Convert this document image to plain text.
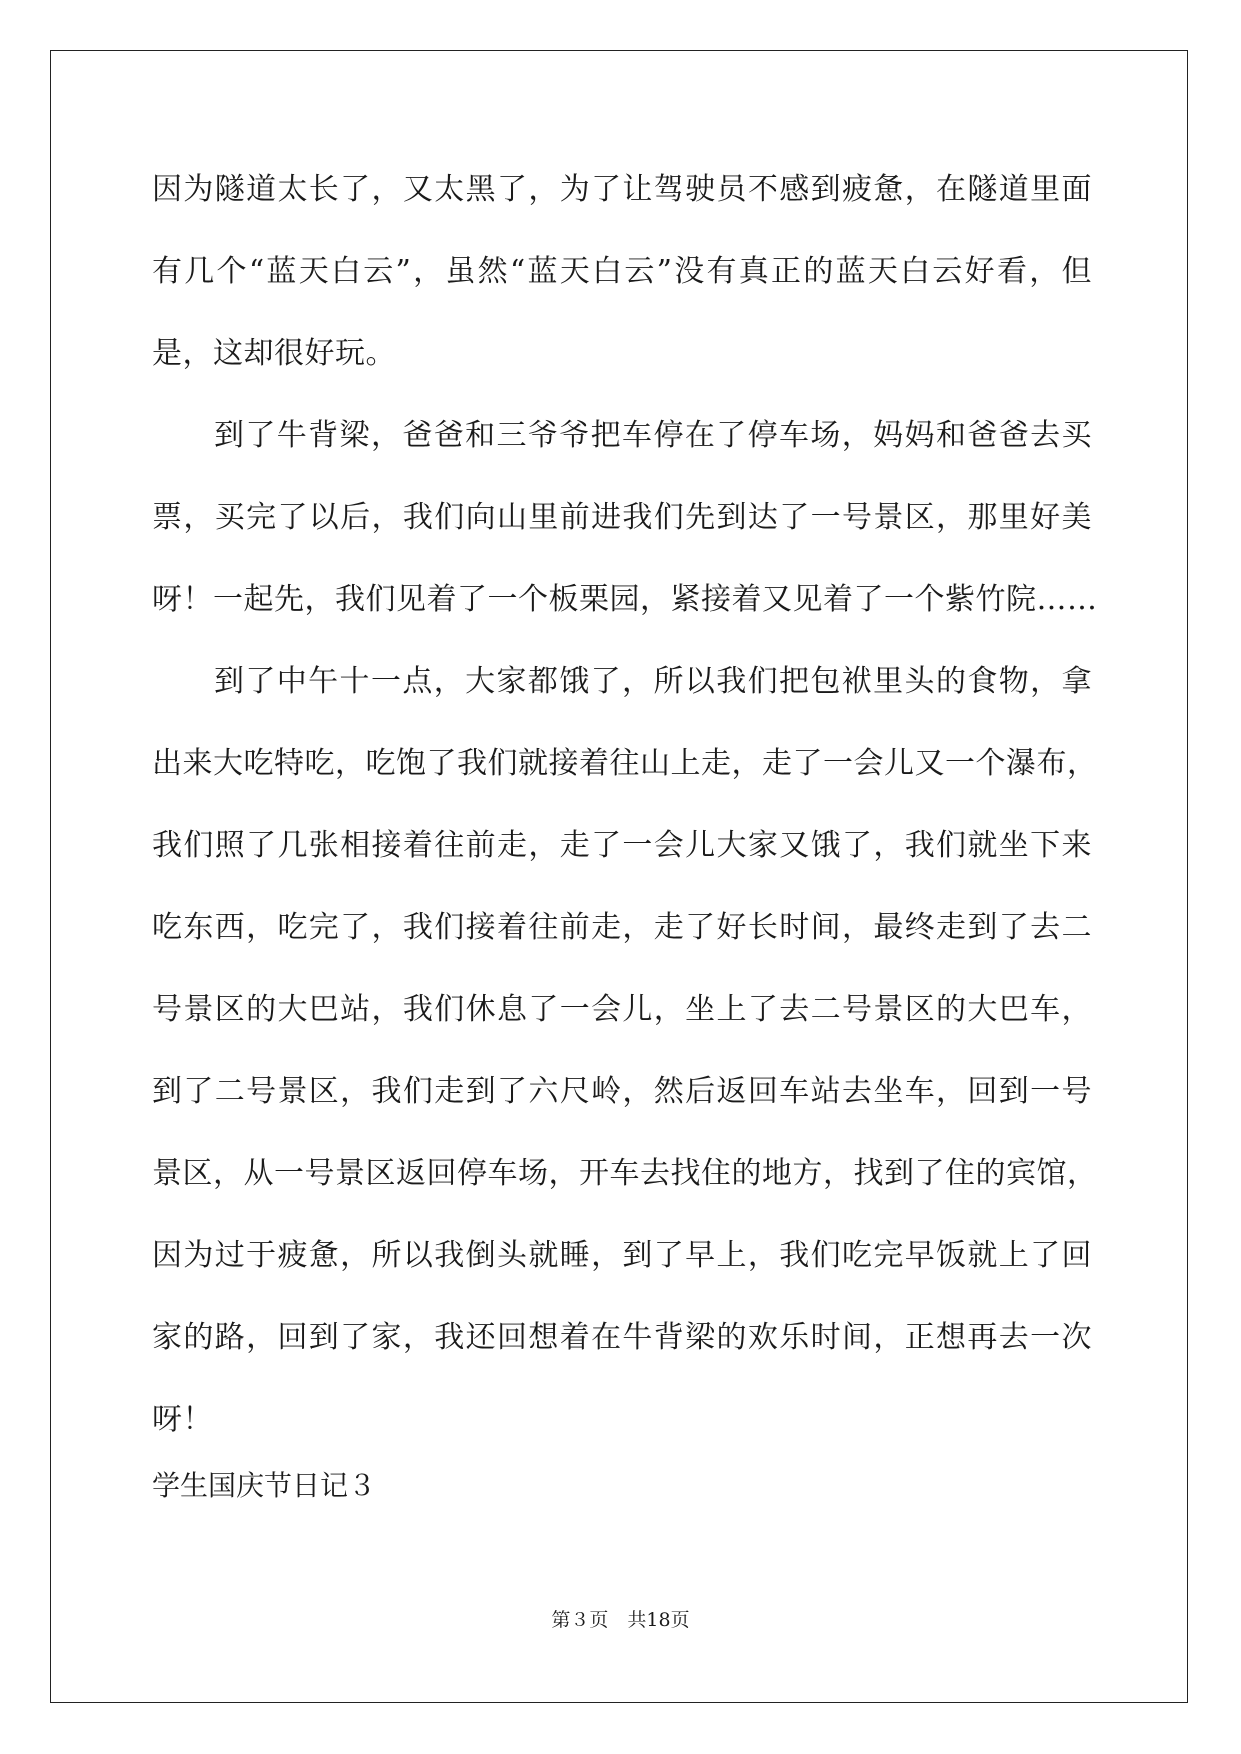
因为隧道太长了，又太黑了，为了让驾驶员不感到疲惫，在隧道里面
有几个“蓝天白云”，虽然“蓝天白云”没有真正的蓝天白云好看，但
是，这却很好玩。
到了牛背梁，爸爸和三爷爷把车停在了停车场，妈妈和爸爸去买
票，买完了以后，我们向山里前进我们先到达了一号景区，那里好美
呀！一起先，我们见着了一个板栗园，紧接着又见着了一个紫竹院……
到了中午十一点，大家都饿了，所以我们把包袱里头的食物，拿
出来大吃特吃，吃饱了我们就接着往山上走，走了一会儿又一个瀑布，
我们照了几张相接着往前走，走了一会儿大家又饿了，我们就坐下来
吃东西，吃完了，我们接着往前走，走了好长时间，最终走到了去二
号景区的大巴站，我们休息了一会儿，坐上了去二号景区的大巴车，
到了二号景区，我们走到了六尺岭，然后返回车站去坐车，回到一号
景区，从一号景区返回停车场，开车去找住的地方，找到了住的宾馆，
因为过于疲惫，所以我倒头就睡，到了早上，我们吃完早饭就上了回
家的路，回到了家，我还回想着在牛背梁的欢乐时间，正想再去一次
呀！
学生国庆节日记３
第３页　共18页
